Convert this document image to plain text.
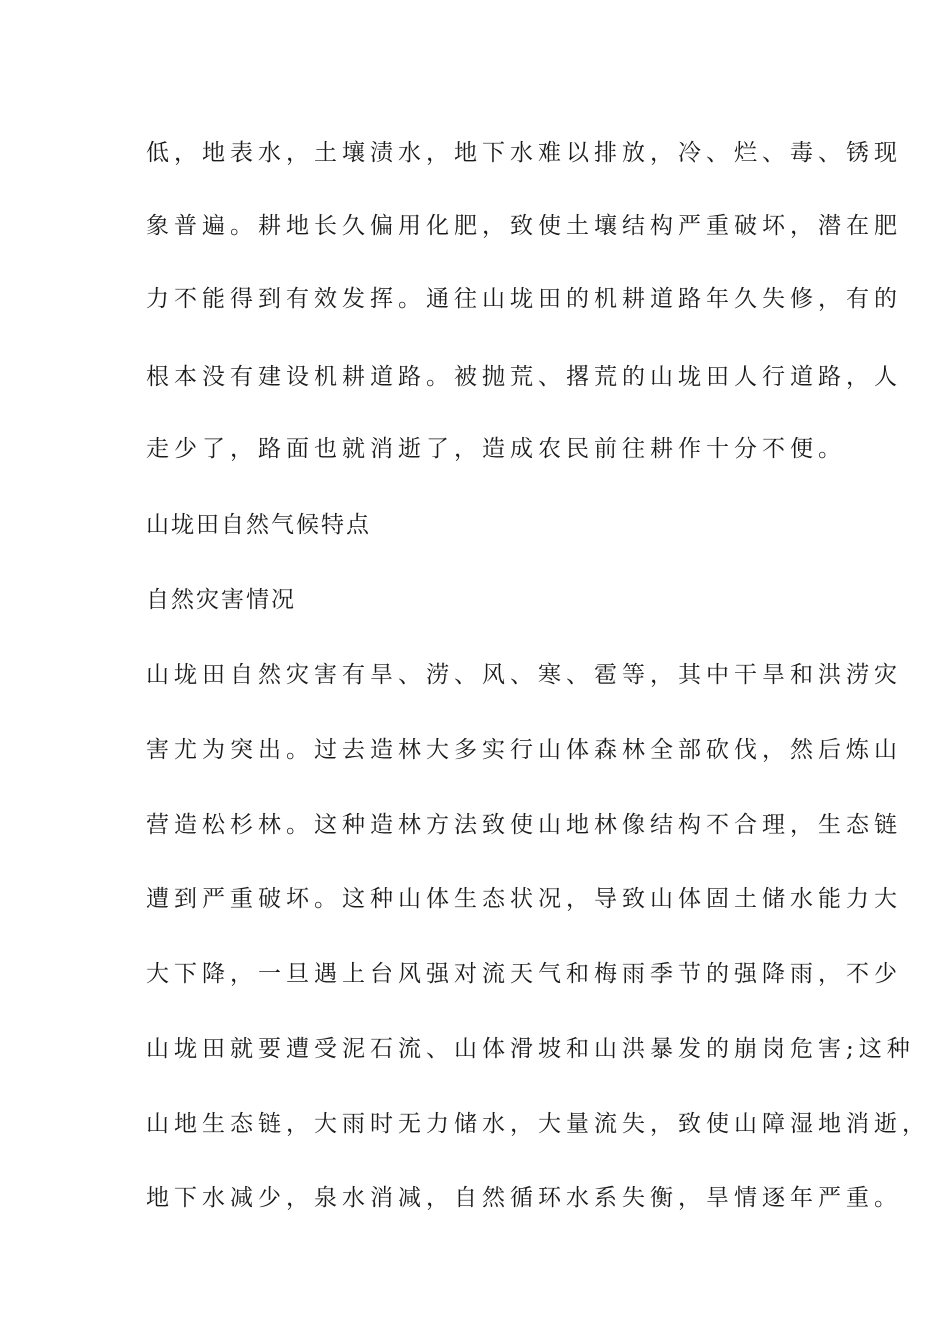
低，地表水，土壤渍水，地下水难以排放，冷、烂、毒、锈现
象普遍。耕地长久偏用化肥，致使土壤结构严重破坏，潜在肥
力不能得到有效发挥。通往山垅田的机耕道路年久失修，有的
根本没有建设机耕道路。被抛荒、撂荒的山垅田人行道路，人
走少了，路面也就消逝了，造成农民前往耕作十分不便。
山垅田自然气候特点
自然灾害情况
山垅田自然灾害有旱、涝、风、寒、雹等，其中干旱和洪涝灾
害尤为突出。过去造林大多实行山体森林全部砍伐，然后炼山
营造松杉林。这种造林方法致使山地林像结构不合理，生态链
遭到严重破坏。这种山体生态状况，导致山体固土储水能力大
大下降，一旦遇上台风强对流天气和梅雨季节的强降雨，不少
山垅田就要遭受泥石流、山体滑坡和山洪暴发的崩岗危害;这种
山地生态链，大雨时无力储水，大量流失，致使山障湿地消逝，
地下水减少，泉水消减，自然循环水系失衡，旱情逐年严重。
